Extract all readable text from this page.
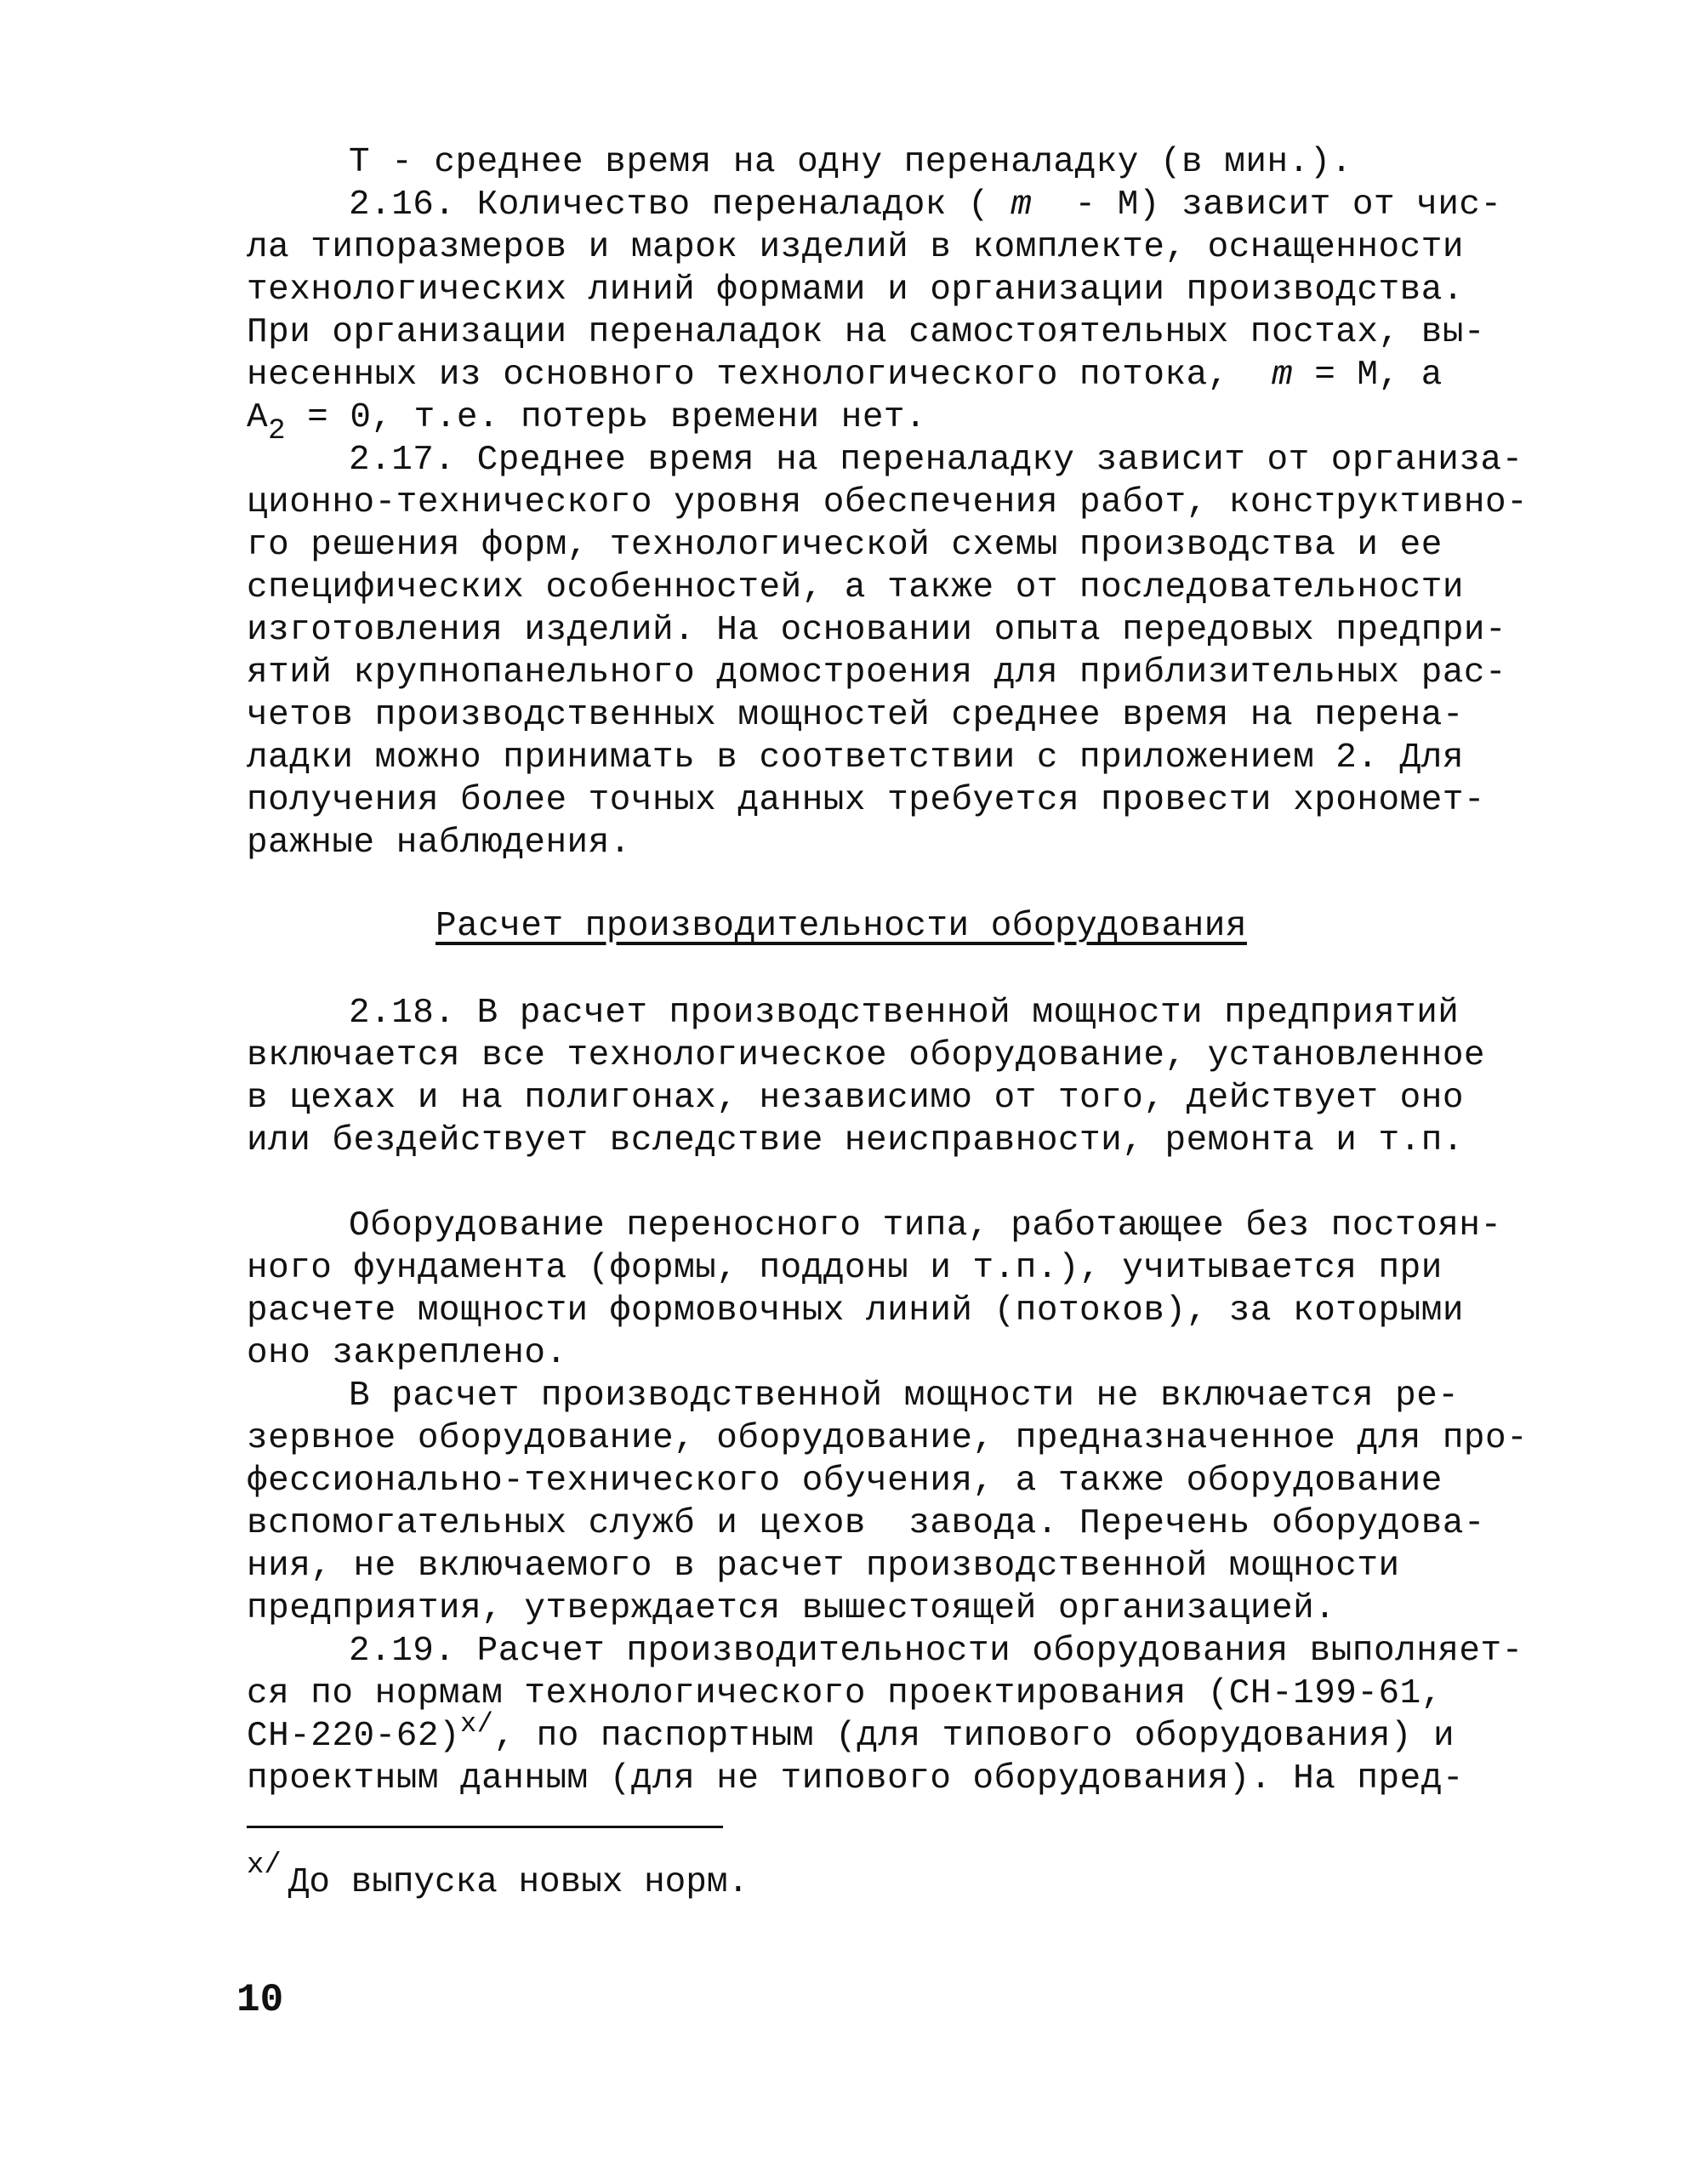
Т - среднее время на одну переналадку (в мин.).
2.16. Количество переналадок ( m  - М) зависит от чис-
ла типоразмеров и марок изделий в комплекте, оснащенности
технологических линий формами и организации производства.
При организации переналадок на самостоятельных постах, вы-
несенных из основного технологического потока,  m = М, а
$А_2 = 0$, т.е. потерь времени нет.
2.17. Среднее время на переналадку зависит от организа-
ционно-технического уровня обеспечения работ, конструктивно-
го решения форм, технологической схемы производства и ее
специфических особенностей, а также от последовательности
изготовления изделий. На основании опыта передовых предпри-
ятий крупнопанельного домостроения для приблизительных рас-
четов производственных мощностей среднее время на перена-
ладки можно принимать в соответствии с приложением 2. Для
получения более точных данных требуется провести хрономет-
ражные наблюдения.
Расчет производительности оборудования
2.18. В расчет производственной мощности предприятий
включается все технологическое оборудование, установленное
в цехах и на полигонах, независимо от того, действует оно
или бездействует вследствие неисправности, ремонта и т.п.
Оборудование переносного типа, работающее без постоян-
ного фундамента (формы, поддоны и т.п.), учитывается при
расчете мощности формовочных линий (потоков), за которыми
оно закреплено.
В расчет производственной мощности не включается ре-
зервное оборудование, оборудование, предназначенное для про-
фессионально-технического обучения, а также оборудование
вспомогательных служб и цехов  завода. Перечень оборудова-
ния, не включаемого в расчет производственной мощности
предприятия, утверждается вышестоящей организацией.
2.19. Расчет производительности оборудования выполняет-
ся по нормам технологического проектирования (СН-199-61,
СН-220-62)$^{х/}$, по паспортным (для типового оборудования) и
проектным данным (для не типового оборудования). На пред-
$^{х/}$ До выпуска новых норм.
10
